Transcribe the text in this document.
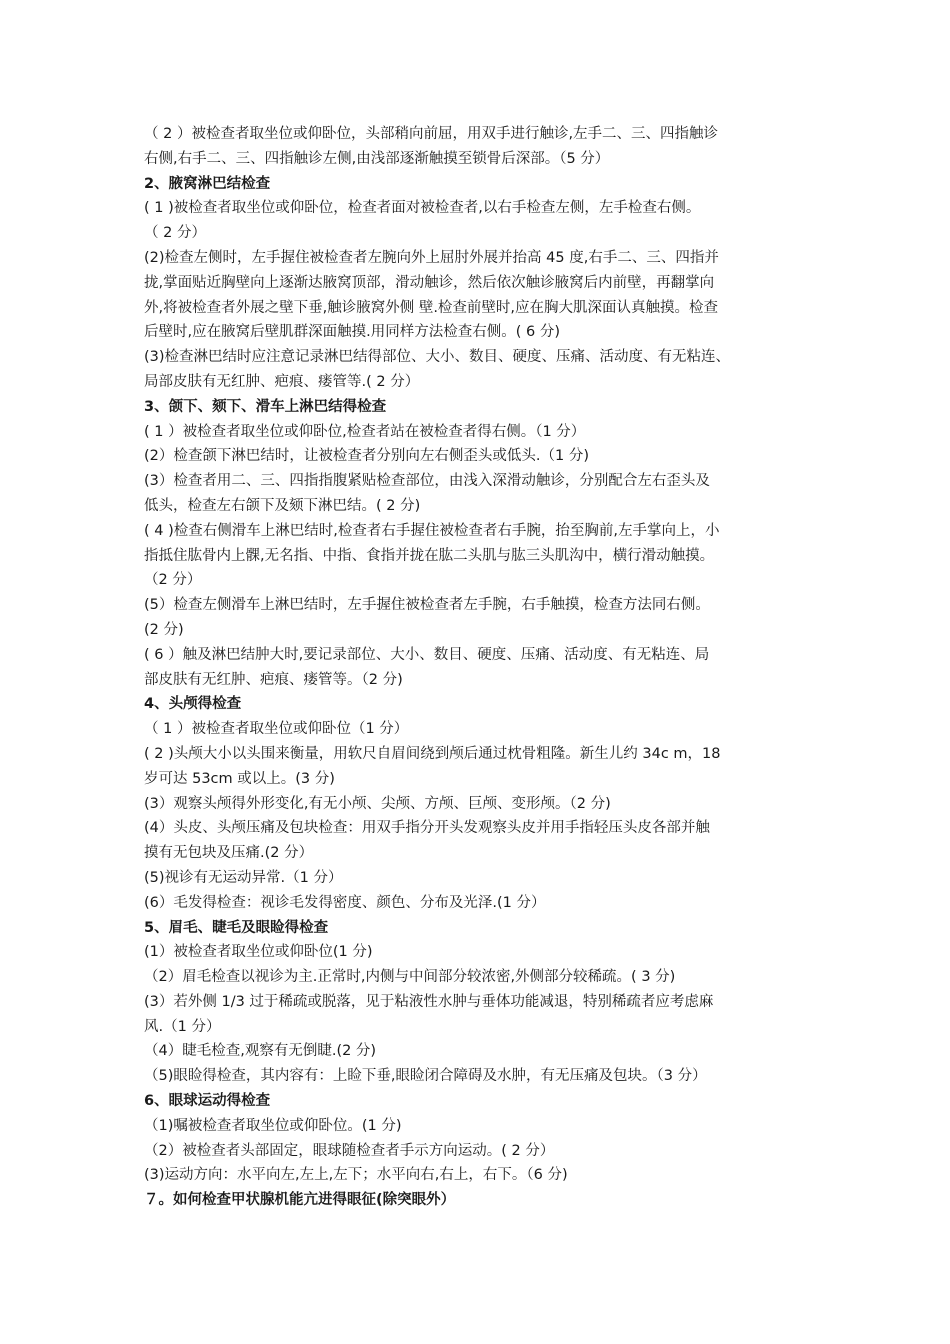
（ 2 ）被检查者取坐位或仰卧位，头部稍向前屈，用双手进行触诊,左手二、三、四指触诊
右侧,右手二、三、四指触诊左侧,由浅部逐渐触摸至锁骨后深部。（5 分）
2、腋窝淋巴结检查
( 1 )被检查者取坐位或仰卧位，检查者面对被检查者,以右手检查左侧，左手检查右侧。
（ 2 分）
(2)检查左侧时，左手握住被检查者左腕向外上屈肘外展并抬高 45 度,右手二、三、四指并
拢,掌面贴近胸壁向上逐渐达腋窝顶部，滑动触诊，然后依次触诊腋窝后内前壁，再翻掌向
外,将被检查者外展之壁下垂,触诊腋窝外侧 壁.检查前壁时,应在胸大肌深面认真触摸。检查
后壁时,应在腋窝后壁肌群深面触摸.用同样方法检查右侧。( 6 分)
(3)检查淋巴结时应注意记录淋巴结得部位、大小、数目、硬度、压痛、活动度、有无粘连、
局部皮肤有无红肿、疤痕、瘘管等.( 2 分）
3、颌下、颏下、滑车上淋巴结得检查
( 1 ）被检查者取坐位或仰卧位,检查者站在被检查者得右侧。（1 分）
(2）检查颌下淋巴结时，让被检查者分别向左右侧歪头或低头.（1 分)
(3）检查者用二、三、四指指腹紧贴检查部位，由浅入深滑动触诊，分别配合左右歪头及
低头，检查左右颌下及颏下淋巴结。( 2 分)
( 4 )检查右侧滑车上淋巴结时,检查者右手握住被检查者右手腕，抬至胸前,左手掌向上，小
指抵住肱骨内上髁,无名指、中指、食指并拢在肱二头肌与肱三头肌沟中，横行滑动触摸。
（2 分）
(5）检查左侧滑车上淋巴结时，左手握住被检查者左手腕，右手触摸，检查方法同右侧。
(2 分)
( 6 ）触及淋巴结肿大时,要记录部位、大小、数目、硬度、压痛、活动度、有无粘连、局
部皮肤有无红肿、疤痕、瘘管等。（2 分)
4、头颅得检查
（ 1 ）被检查者取坐位或仰卧位（1 分）
( 2 )头颅大小以头围来衡量，用软尺自眉间绕到颅后通过枕骨粗隆。新生儿约 34c m，18
岁可达 53cm 或以上。(3 分)
(3）观察头颅得外形变化,有无小颅、尖颅、方颅、巨颅、变形颅。（2 分)
(4）头皮、头颅压痛及包块检查：用双手指分开头发观察头皮并用手指轻压头皮各部并触
摸有无包块及压痛.(2 分）
(5)视诊有无运动异常.（1 分）
(6）毛发得检查：视诊毛发得密度、颜色、分布及光泽.(1 分）
5、眉毛、睫毛及眼睑得检查
(1）被检查者取坐位或仰卧位(1 分)
（2）眉毛检查以视诊为主.正常时,内侧与中间部分较浓密,外侧部分较稀疏。( 3 分)
(3）若外侧 1/3 过于稀疏或脱落，见于粘液性水肿与垂体功能减退，特别稀疏者应考虑麻
风.（1 分）
（4）睫毛检查,观察有无倒睫.(2 分)
（5)眼睑得检查，其内容有：上睑下垂,眼睑闭合障碍及水肿，有无压痛及包块。（3 分）
6、眼球运动得检查
（1)嘱被检查者取坐位或仰卧位。(1 分)
（2）被检查者头部固定，眼球随检查者手示方向运动。( 2 分）
(3)运动方向：水平向左,左上,左下；水平向右,右上，右下。（6 分)
７。如何检查甲状腺机能亢进得眼征(除突眼外）
